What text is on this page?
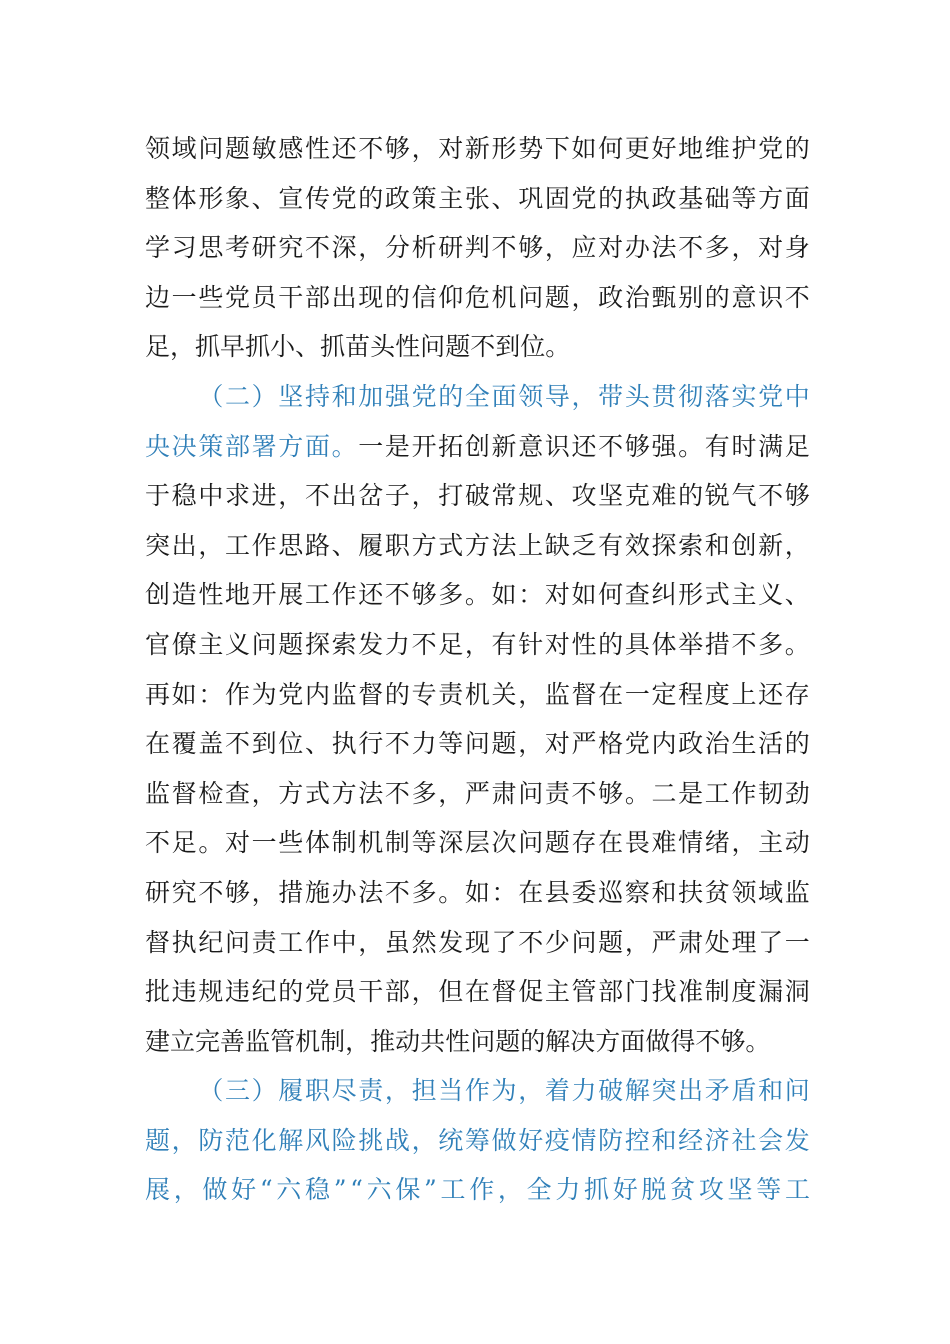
领 域 问 题 敏 感 性 还 不 够 ， 对 新 形 势 下 如 何 更 好 地 维 护 党 的
整 体 形 象 、 宣 传 党 的 政 策 主 张 、 巩 固 党 的 执 政 基 础 等 方 面
学 习 思 考 研 究 不 深 ， 分 析 研 判 不 够 ， 应 对 办 法 不 多 ， 对 身
边 一 些 党 员 干 部 出 现 的 信 仰 危 机 问 题 ， 政 治 甄 别 的 意 识 不
足 ， 抓 早 抓 小 、 抓 苗 头 性 问 题 不 到 位 。

（ 二 ） 坚 持 和 加 强 党 的 全 面 领 导 ， 带 头 贯 彻 落 实 党 中
央 决 策 部 署 方 面 。 一 是 开 拓 创 新 意 识 还 不 够 强 。 有 时 满 足
于 稳 中 求 进 ， 不 出 岔 子 ， 打 破 常 规 、 攻 坚 克 难 的 锐 气 不 够
突 出 ， 工 作 思 路 、 履 职 方 式 方 法 上 缺 乏 有 效 探 索 和 创 新 ，
创 造 性 地 开 展 工 作 还 不 够 多 。 如 ： 对 如 何 查 纠 形 式 主 义 、
官 僚 主 义 问 题 探 索 发 力 不 足 ， 有 针 对 性 的 具 体 举 措 不 多 。
再 如 ： 作 为 党 内 监 督 的 专 责 机 关 ， 监 督 在 一 定 程 度 上 还 存
在 覆 盖 不 到 位 、 执 行 不 力 等 问 题 ， 对 严 格 党 内 政 治 生 活 的
监 督 检 查 ， 方 式 方 法 不 多 ， 严 肃 问 责 不 够 。 二 是 工 作 韧 劲
不 足 。 对 一 些 体 制 机 制 等 深 层 次 问 题 存 在 畏 难 情 绪 ， 主 动
研 究 不 够 ， 措 施 办 法 不 多 。 如 ： 在 县 委 巡 察 和 扶 贫 领 域 监
督 执 纪 问 责 工 作 中 ， 虽 然 发 现 了 不 少 问 题 ， 严 肃 处 理 了 一
批 违 规 违 纪 的 党 员 干 部 ， 但 在 督 促 主 管 部 门 找 准 制 度 漏 洞
建 立 完 善 监 管 机 制 ， 推 动 共 性 问 题 的 解 决 方 面 做 得 不 够 。

（ 三 ） 履 职 尽 责 ， 担 当 作 为 ， 着 力 破 解 突 出 矛 盾 和 问
题 ， 防 范 化 解 风 险 挑 战 ， 统 筹 做 好 疫 情 防 控 和 经 济 社 会 发
展 ， 做 好 “ 六 稳 ” “ 六 保 ” 工 作 ， 全 力 抓 好 脱 贫 攻 坚 等 工
